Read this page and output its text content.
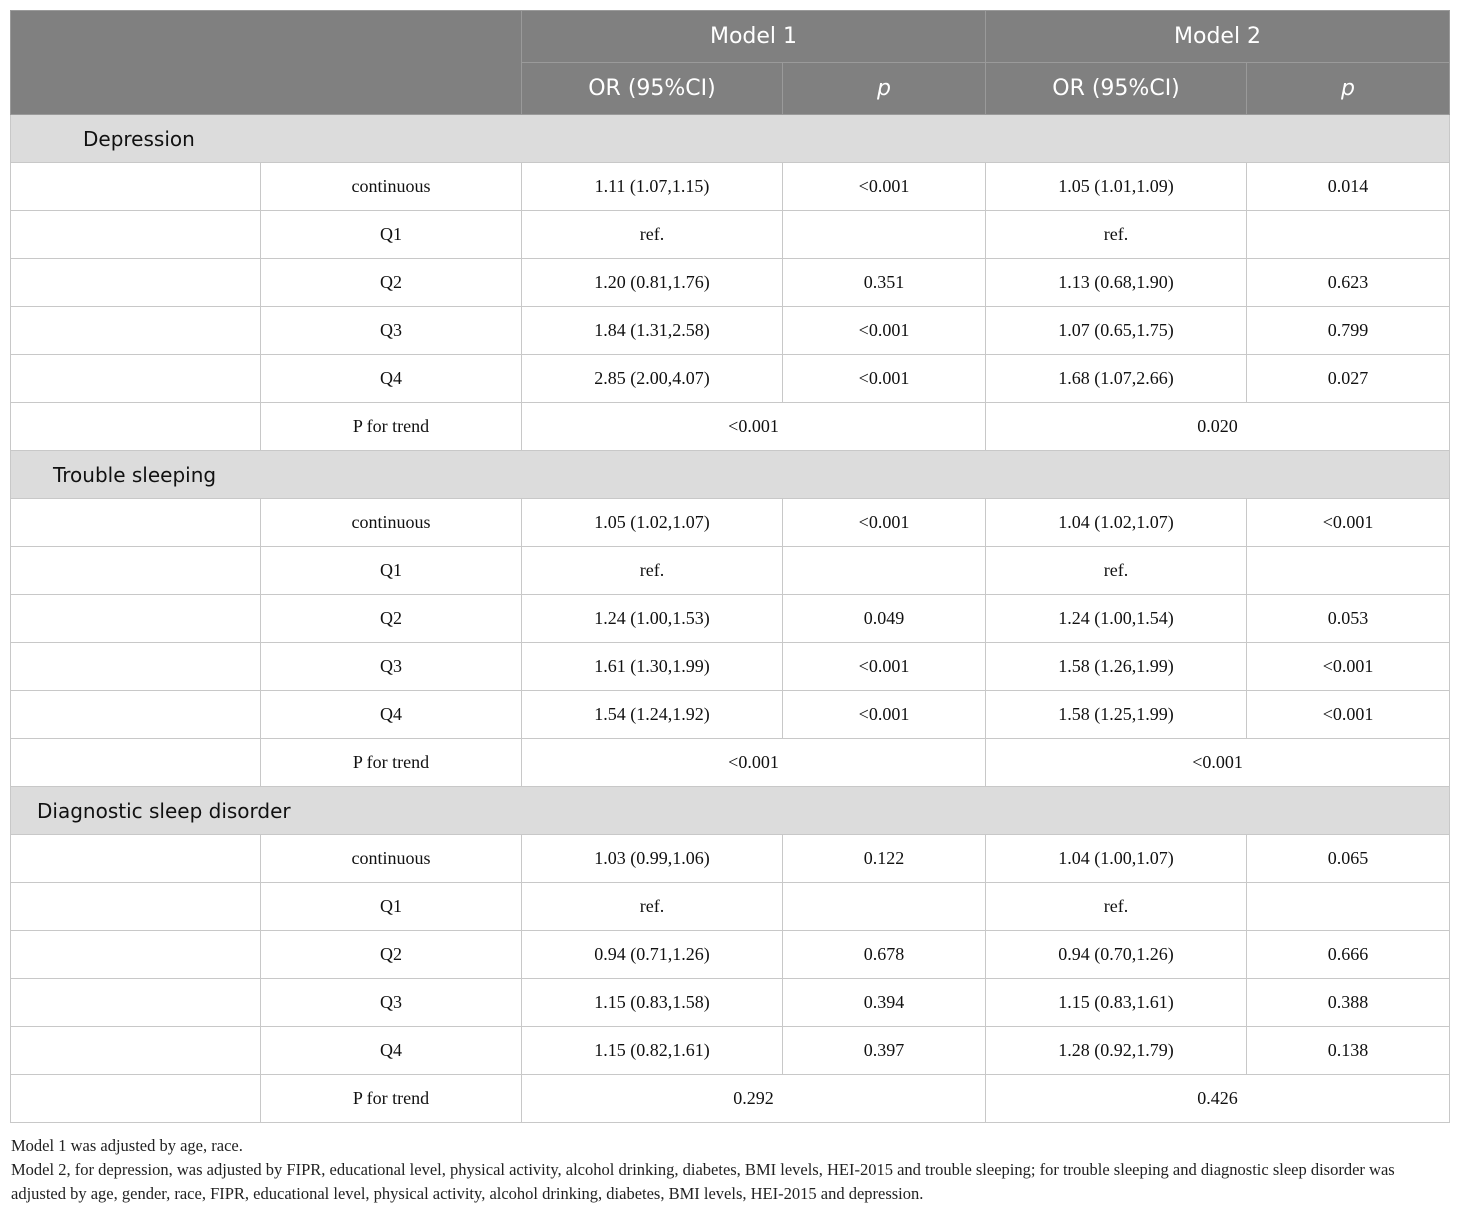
		Model 1		Model 2	
		OR (95%CI)	p	OR (95%CI)	p
Depression					
	continuous	1.11 (1.07,1.15)	<0.001	1.05 (1.01,1.09)	0.014
	Q1	ref.		ref.	
	Q2	1.20 (0.81,1.76)	0.351	1.13 (0.68,1.90)	0.623
	Q3	1.84 (1.31,2.58)	<0.001	1.07 (0.65,1.75)	0.799
	Q4	2.85 (2.00,4.07)	<0.001	1.68 (1.07,2.66)	0.027
	P for trend	<0.001		0.020	
Trouble sleeping					
	continuous	1.05 (1.02,1.07)	<0.001	1.04 (1.02,1.07)	<0.001
	Q1	ref.		ref.	
	Q2	1.24 (1.00,1.53)	0.049	1.24 (1.00,1.54)	0.053
	Q3	1.61 (1.30,1.99)	<0.001	1.58 (1.26,1.99)	<0.001
	Q4	1.54 (1.24,1.92)	<0.001	1.58 (1.25,1.99)	<0.001
	P for trend	<0.001		<0.001	
Diagnostic sleep disorder					
	continuous	1.03 (0.99,1.06)	0.122	1.04 (1.00,1.07)	0.065
	Q1	ref.		ref.	
	Q2	0.94 (0.71,1.26)	0.678	0.94 (0.70,1.26)	0.666
	Q3	1.15 (0.83,1.58)	0.394	1.15 (0.83,1.61)	0.388
	Q4	1.15 (0.82,1.61)	0.397	1.28 (0.92,1.79)	0.138
	P for trend	0.292		0.426	

Model 1 was adjusted by age, race.

Model 2, for depression, was adjusted by FIPR, educational level, physical activity, alcohol drinking, diabetes, BMI levels, HEI-2015 and trouble sleeping; for trouble sleeping and diagnostic sleep disorder was adjusted by age, gender, race, FIPR, educational level, physical activity, alcohol drinking, diabetes, BMI levels, HEI-2015 and depression.
